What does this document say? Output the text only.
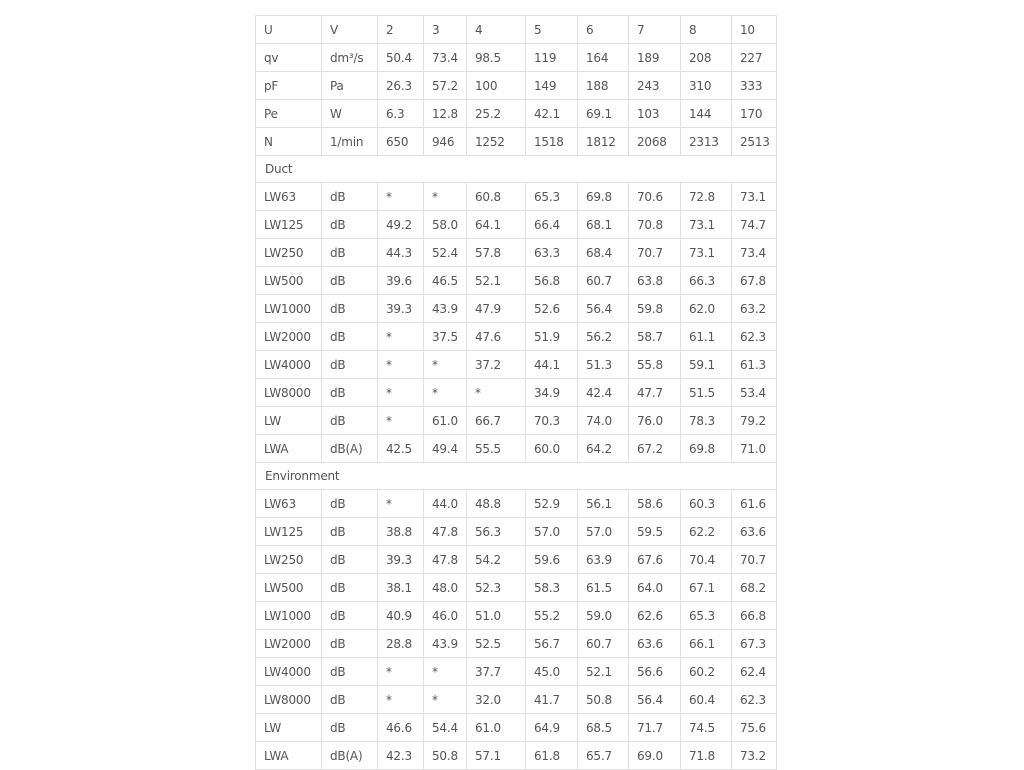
U	V	2	3	4	5	6	7	8	10
qv	dm³/s	50.4	73.4	98.5	119	164	189	208	227
pF	Pa	26.3	57.2	100	149	188	243	310	333
Pe	W	6.3	12.8	25.2	42.1	69.1	103	144	170
N	1/min	650	946	1252	1518	1812	2068	2313	2513
Duct									
LW63	dB	*	*	60.8	65.3	69.8	70.6	72.8	73.1
LW125	dB	49.2	58.0	64.1	66.4	68.1	70.8	73.1	74.7
LW250	dB	44.3	52.4	57.8	63.3	68.4	70.7	73.1	73.4
LW500	dB	39.6	46.5	52.1	56.8	60.7	63.8	66.3	67.8
LW1000	dB	39.3	43.9	47.9	52.6	56.4	59.8	62.0	63.2
LW2000	dB	*	37.5	47.6	51.9	56.2	58.7	61.1	62.3
LW4000	dB	*	*	37.2	44.1	51.3	55.8	59.1	61.3
LW8000	dB	*	*	*	34.9	42.4	47.7	51.5	53.4
LW	dB	*	61.0	66.7	70.3	74.0	76.0	78.3	79.2
LWA	dB(A)	42.5	49.4	55.5	60.0	64.2	67.2	69.8	71.0
Environment									
LW63	dB	*	44.0	48.8	52.9	56.1	58.6	60.3	61.6
LW125	dB	38.8	47.8	56.3	57.0	57.0	59.5	62.2	63.6
LW250	dB	39.3	47.8	54.2	59.6	63.9	67.6	70.4	70.7
LW500	dB	38.1	48.0	52.3	58.3	61.5	64.0	67.1	68.2
LW1000	dB	40.9	46.0	51.0	55.2	59.0	62.6	65.3	66.8
LW2000	dB	28.8	43.9	52.5	56.7	60.7	63.6	66.1	67.3
LW4000	dB	*	*	37.7	45.0	52.1	56.6	60.2	62.4
LW8000	dB	*	*	32.0	41.7	50.8	56.4	60.4	62.3
LW	dB	46.6	54.4	61.0	64.9	68.5	71.7	74.5	75.6
LWA	dB(A)	42.3	50.8	57.1	61.8	65.7	69.0	71.8	73.2
